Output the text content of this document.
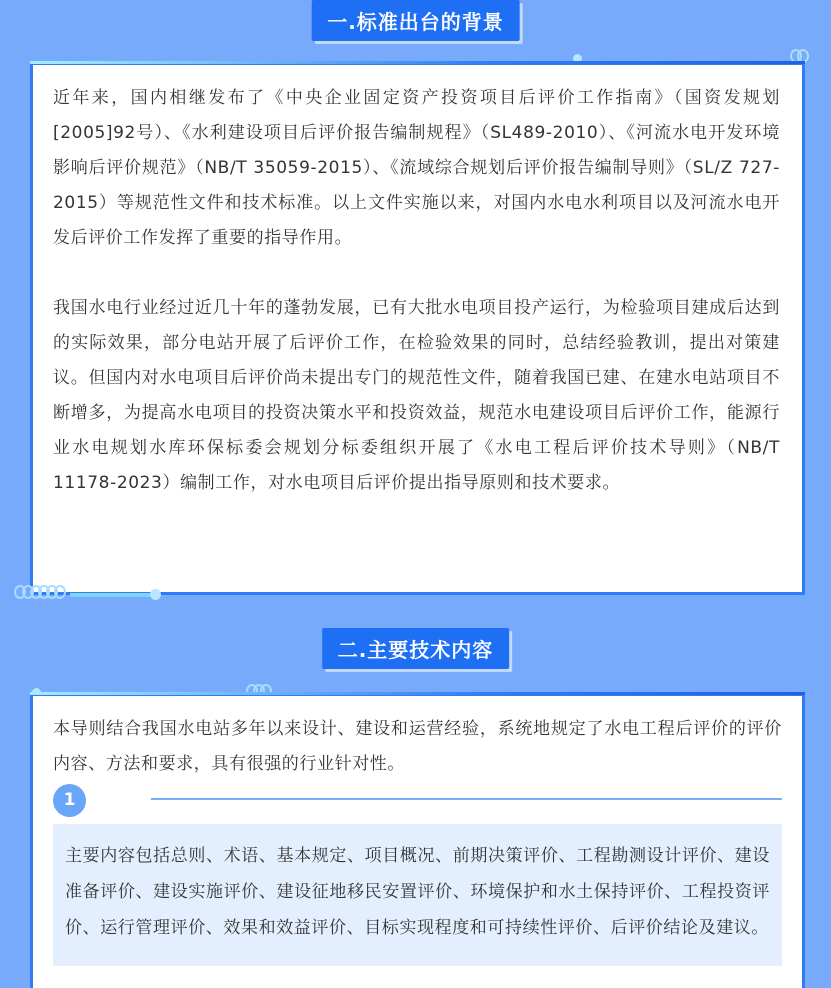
一.标准出台的背景

近年来，国内相继发布了《中央企业固定资产投资项目后评价工作指南》（国资发规划[2005]92号）、《水利建设项目后评价报告编制规程》（SL489-2010）、《河流水电开发环境影响后评价规范》（NB/T 35059-2015）、《流域综合规划后评价报告编制导则》（SL/Z 727-2015）等规范性文件和技术标准。以上文件实施以来，对国内水电水利项目以及河流水电开发后评价工作发挥了重要的指导作用。

我国水电行业经过近几十年的蓬勃发展，已有大批水电项目投产运行，为检验项目建成后达到的实际效果，部分电站开展了后评价工作，在检验效果的同时，总结经验教训，提出对策建议。但国内对水电项目后评价尚未提出专门的规范性文件，随着我国已建、在建水电站项目不断增多，为提高水电项目的投资决策水平和投资效益，规范水电建设项目后评价工作，能源行业水电规划水库环保标委会规划分标委组织开展了《水电工程后评价技术导则》（NB/T 11178-2023）编制工作，对水电项目后评价提出指导原则和技术要求。

二.主要技术内容

本导则结合我国水电站多年以来设计、建设和运营经验，系统地规定了水电工程后评价的评价内容、方法和要求，具有很强的行业针对性。

1

主要内容包括总则、术语、基本规定、项目概况、前期决策评价、工程勘测设计评价、建设准备评价、建设实施评价、建设征地移民安置评价、环境保护和水土保持评价、工程投资评价、运行管理评价、效果和效益评价、目标实现程度和可持续性评价、后评价结论及建议。
